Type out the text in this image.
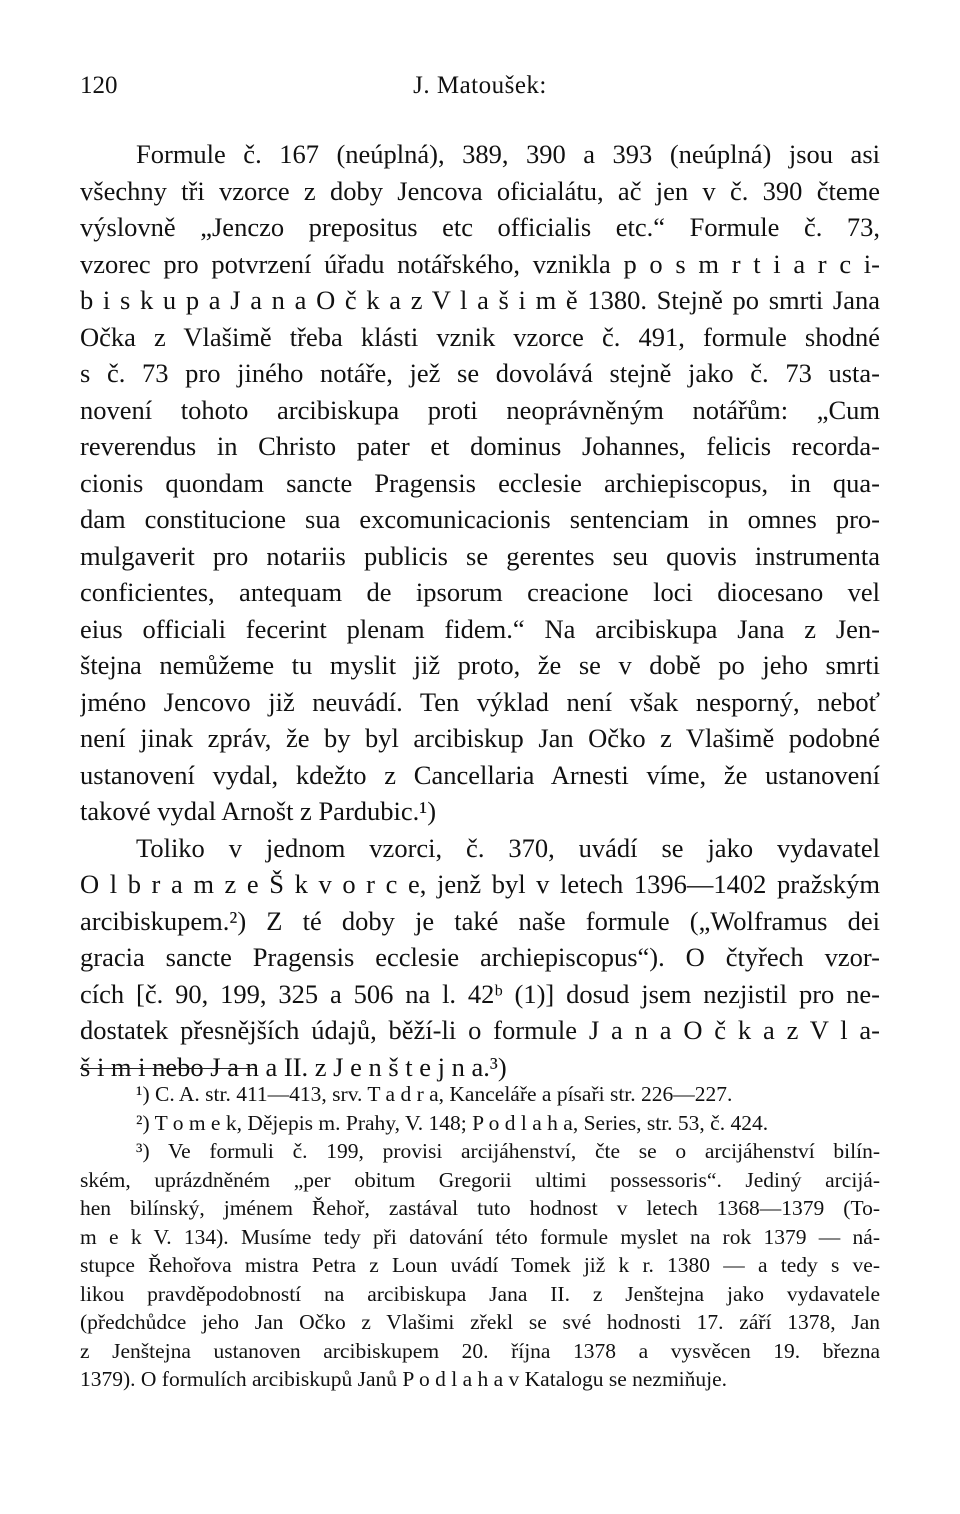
120	J. Matoušek:
Formule č. 167 (neúplná), 389, 390 a 393 (neúplná) jsou asi
všechny tři vzorce z doby Jencova oficialátu, ač jen v č. 390 čteme
výslovně „Jenczo prepositus etc officialis etc.“ Formule č. 73,
vzorec pro potvrzení úřadu notářského, vznikla p o s m r t i a r c i-
b i s k u p a J a n a O č k a z V l a š i m ě 1380. Stejně po smrti Jana
Očka z Vlašimě třeba klásti vznik vzorce č. 491, formule shodné
s č. 73 pro jiného notáře, jež se dovolává stejně jako č. 73 usta-
novení tohoto arcibiskupa proti neoprávněným notářům: „Cum
reverendus in Christo pater et dominus Johannes, felicis recorda-
cionis quondam sancte Pragensis ecclesie archiepiscopus, in qua-
dam constitucione sua excomunicacionis sentenciam in omnes pro-
mulgaverit pro notariis publicis se gerentes seu quovis instrumenta
conficientes, antequam de ipsorum creacione loci diocesano vel
eius officiali fecerint plenam fidem.“ Na arcibiskupa Jana z Jen-
štejna nemůžeme tu myslit již proto, že se v době po jeho smrti
jméno Jencovo již neuvádí. Ten výklad není však nesporný, neboť
není jinak zpráv, že by byl arcibiskup Jan Očko z Vlašimě podobné
ustanovení vydal, kdežto z Cancellaria Arnesti víme, že ustanovení
takové vydal Arnošt z Pardubic.¹)
Toliko v jednom vzorci, č. 370, uvádí se jako vydavatel
O l b r a m z e Š k v o r c e, jenž byl v letech 1396—1402 pražským
arcibiskupem.²) Z té doby je také naše formule („Wolframus dei
gracia sancte Pragensis ecclesie archiepiscopus“). O čtyřech vzor-
cích [č. 90, 199, 325 a 506 na l. 42ᵇ (1)] dosud jsem nezjistil pro ne-
dostatek přesnějších údajů, běží-li o formule J a n a O č k a z V l a-
š i m i nebo J a n a II. z J e n š t e j n a.³)
¹) C. A. str. 411—413, srv. T a d r a, Kanceláře a písaři str. 226—227.
²) T o m e k, Dějepis m. Prahy, V. 148; P o d l a h a, Series, str. 53, č. 424.
³) Ve formuli č. 199, provisi arcijáhenství, čte se o arcijáhenství bilín-
ském, uprázdněném „per obitum Gregorii ultimi possessoris“. Jediný arcijá-
hen bilínský, jménem Řehoř, zastával tuto hodnost v letech 1368—1379 (To-
m e k V. 134). Musíme tedy při datování této formule myslet na rok 1379 — ná-
stupce Řehořova mistra Petra z Loun uvádí Tomek již k r. 1380 — a tedy s ve-
likou pravděpodobností na arcibiskupa Jana II. z Jenštejna jako vydavatele
(předchůdce jeho Jan Očko z Vlašimi zřekl se své hodnosti 17. září 1378, Jan
z Jenštejna ustanoven arcibiskupem 20. října 1378 a vysvěcen 19. března
1379). O formulích arcibiskupů Janů P o d l a h a v Katalogu se nezmiňuje.
